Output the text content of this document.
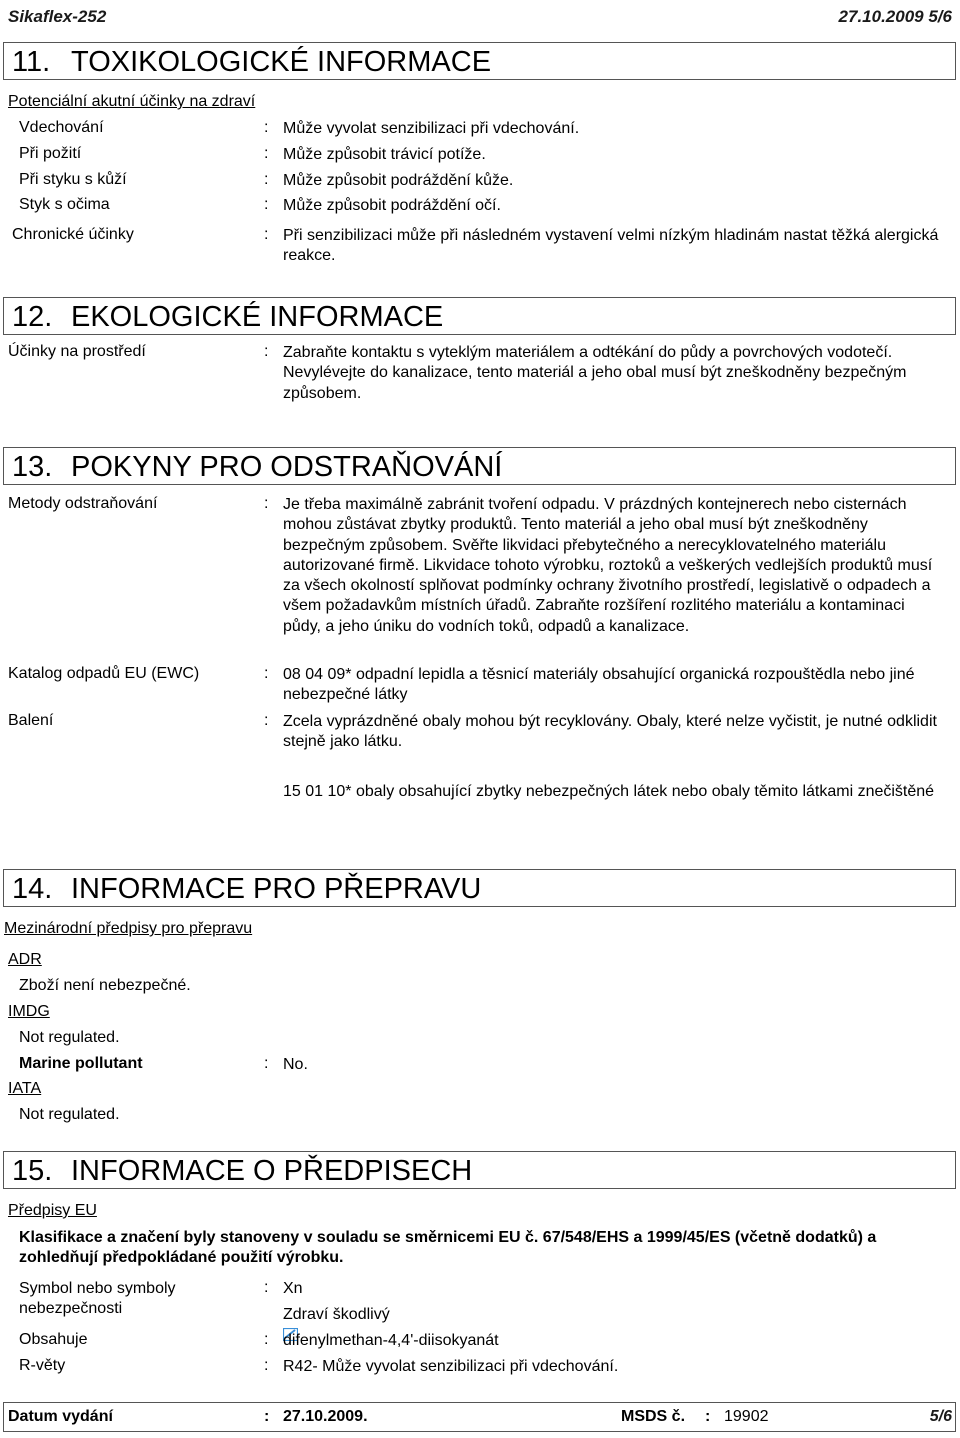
Sikaflex-252	27.10.2009 5/6
11. TOXIKOLOGICKÉ INFORMACE
Potenciální akutní účinky na zdraví
Vdechování	: Může vyvolat senzibilizaci při vdechování.
Při požití	: Může způsobit trávicí potíže.
Při styku s kůží	: Může způsobit podráždění kůže.
Styk s očima	: Může způsobit podráždění očí.
Chronické účinky	: Při senzibilizaci může při následném vystavení velmi nízkým hladinám nastat těžká alergická reakce.
12. EKOLOGICKÉ INFORMACE
Účinky na prostředí	: Zabraňte kontaktu s vyteklým materiálem a odtékání do půdy a povrchových vodotečí. Nevylévejte do kanalizace, tento materiál a jeho obal musí být zneškodněny bezpečným způsobem.
13. POKYNY PRO ODSTRAŇOVÁNÍ
Metody odstraňování	: Je třeba maximálně zabránit tvoření odpadu. V prázdných kontejnerech nebo cisternách mohou zůstávat zbytky produktů. Tento materiál a jeho obal musí být zneškodněny bezpečným způsobem. Svěřte likvidaci přebytečného a nerecyklovatelného materiálu autorizované firmě. Likvidace tohoto výrobku, roztoků a veškerých vedlejších produktů musí za všech okolností splňovat podmínky ochrany životního prostředí, legislativě o odpadech a všem požadavkům místních úřadů. Zabraňte rozšíření rozlitého materiálu a kontaminaci půdy, a jeho úniku do vodních toků, odpadů a kanalizace.
Katalog odpadů EU (EWC)	: 08 04 09* odpadní lepidla a těsnicí materiály obsahující organická rozpouštědla nebo jiné nebezpečné látky
Balení	: Zcela vyprázdněné obaly mohou být recyklovány. Obaly, které nelze vyčistit, je nutné odklidit stejně jako látku.
15 01 10* obaly obsahující zbytky nebezpečných látek nebo obaly těmito látkami znečištěné
14. INFORMACE PRO PŘEPRAVU
Mezinárodní předpisy pro přepravu
ADR
Zboží není nebezpečné.
IMDG
Not regulated.
Marine pollutant	: No.
IATA
Not regulated.
15. INFORMACE O PŘEDPISECH
Předpisy EU
Klasifikace a značení byly stanoveny v souladu se směrnicemi EU č. 67/548/EHS a 1999/45/ES (včetně dodatků) a zohledňují předpokládané použití výrobku.
Symbol nebo symboly nebezpečnosti
: Xn
Zdraví škodlivý
Obsahuje	: difenylmethan-4,4'-diisokyanát
R-věty	: R42- Může vyvolat senzibilizaci při vdechování.
Datum vydání	: 27.10.2009.	MSDS č. : 19902	5/6
